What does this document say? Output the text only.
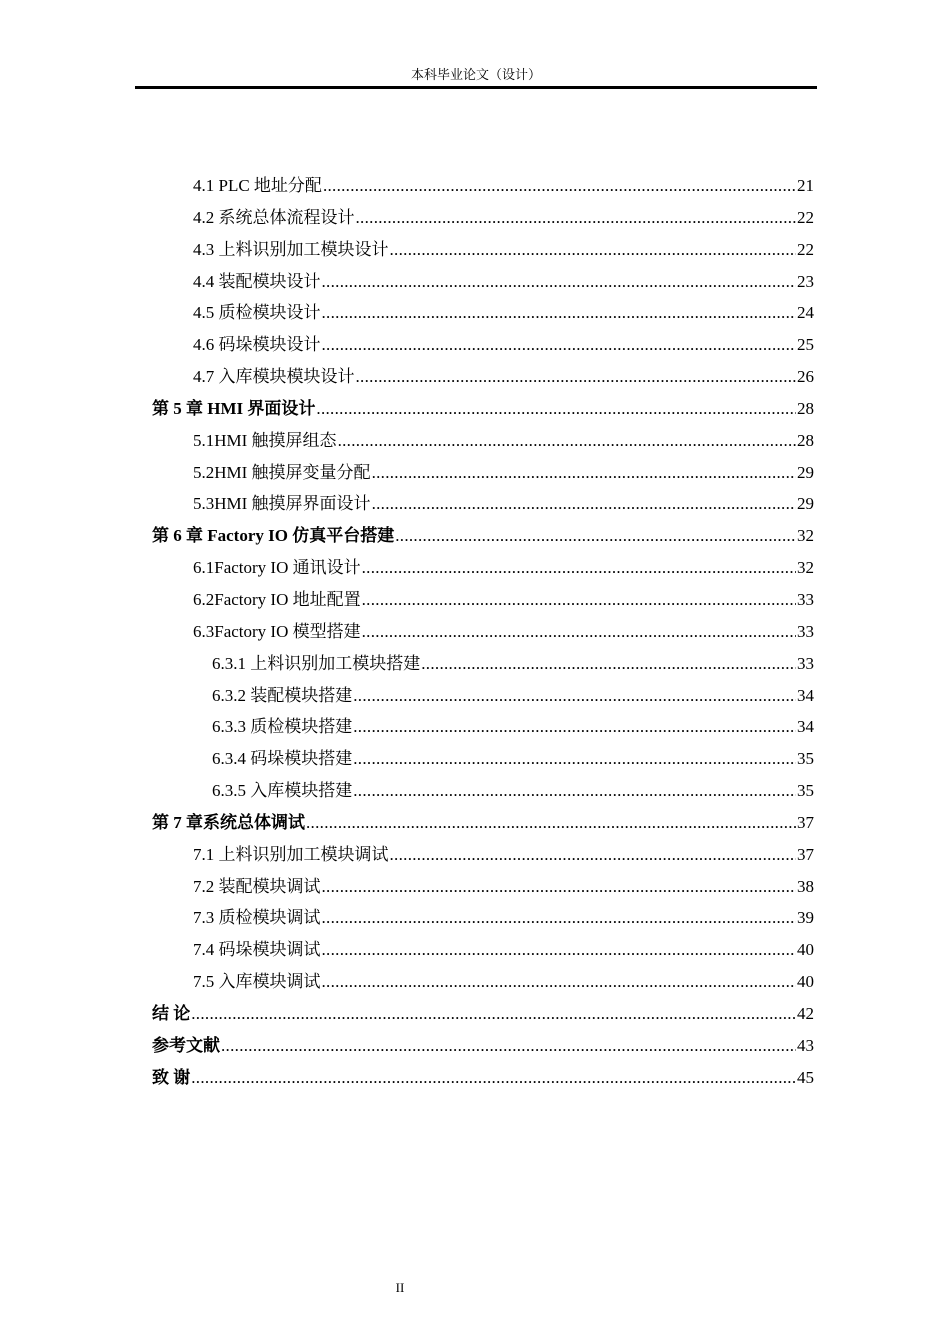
本科毕业论文（设计）
4.1 PLC 地址分配 .....	21
4.2 系统总体流程设计 .....	22
4.3 上料识别加工模块设计 .....	22
4.4 装配模块设计 .....	23
4.5 质检模块设计 .....	24
4.6 码垛模块设计 .....	25
4.7 入库模块模块设计 .....	26
第 5 章 HMI 界面设计 .....	28
5.1HMI 触摸屏组态 .....	28
5.2HMI 触摸屏变量分配 .....	29
5.3HMI 触摸屏界面设计 .....	29
第 6 章 Factory IO 仿真平台搭建 .....	32
6.1Factory IO 通讯设计 .....	32
6.2Factory IO 地址配置 .....	33
6.3Factory IO 模型搭建 .....	33
6.3.1 上料识别加工模块搭建 .....	33
6.3.2 装配模块搭建 .....	34
6.3.3 质检模块搭建 .....	34
6.3.4 码垛模块搭建 .....	35
6.3.5 入库模块搭建 .....	35
第 7 章系统总体调试 .....	37
7.1 上料识别加工模块调试 .....	37
7.2 装配模块调试 .....	38
7.3 质检模块调试 .....	39
7.4 码垛模块调试 .....	40
7.5 入库模块调试 .....	40
结 论 .....	42
参考文献 .....	43
致 谢 .....	45
II
